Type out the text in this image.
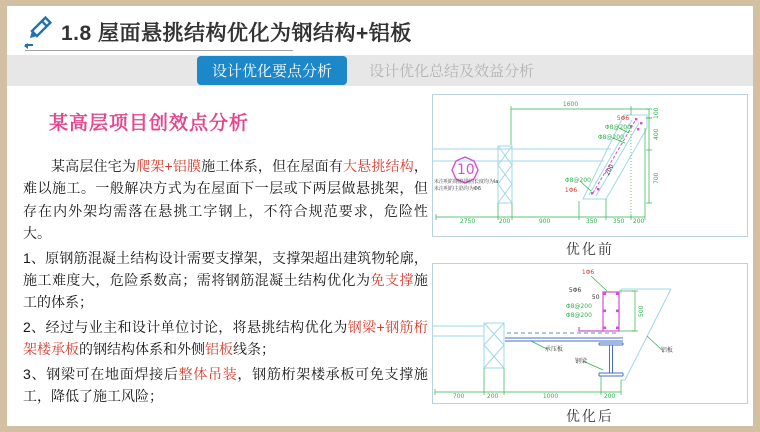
1.8 屋面悬挑结构优化为钢结构+铝板
设计优化要点分析	设计优化总结及效益分析
某高层项目创效点分析

某高层住宅为爬架+铝膜施工体系，但在屋面有大悬挑结构，难以施工。一般解决方式为在屋面下一层或下两层做悬挑架，但存在内外架均需落在悬挑工字钢上，不符合规范要求，危险性大。

1、原钢筋混凝土结构设计需要支撑架，支撑架超出建筑物轮廓，施工难度大，危险系数高；需将钢筋混凝土结构优化为免支撑施工的体系；

2、经过与业主和设计单位讨论，将悬挑结构优化为钢梁+钢筋桁架楼承板的钢结构体系和外侧铝板线条；

3、钢梁可在地面焊接后整体吊装，钢筋桁架楼承板可免支撑施工，降低了施工风险；

1600
100
400
700
2750	200	900	350	350 200
10
5Φ6
Φ8@200
Φ8@200
200
Φ8@200
1Φ6
未注明的钢筋锚固长度均为la
未注明的主筋均为Φ6
优化前
1Φ6
5Φ6
50
Φ8@200
Φ8@200	500
700	200	1000	200
承压板
钢梁
铝板
优化后
